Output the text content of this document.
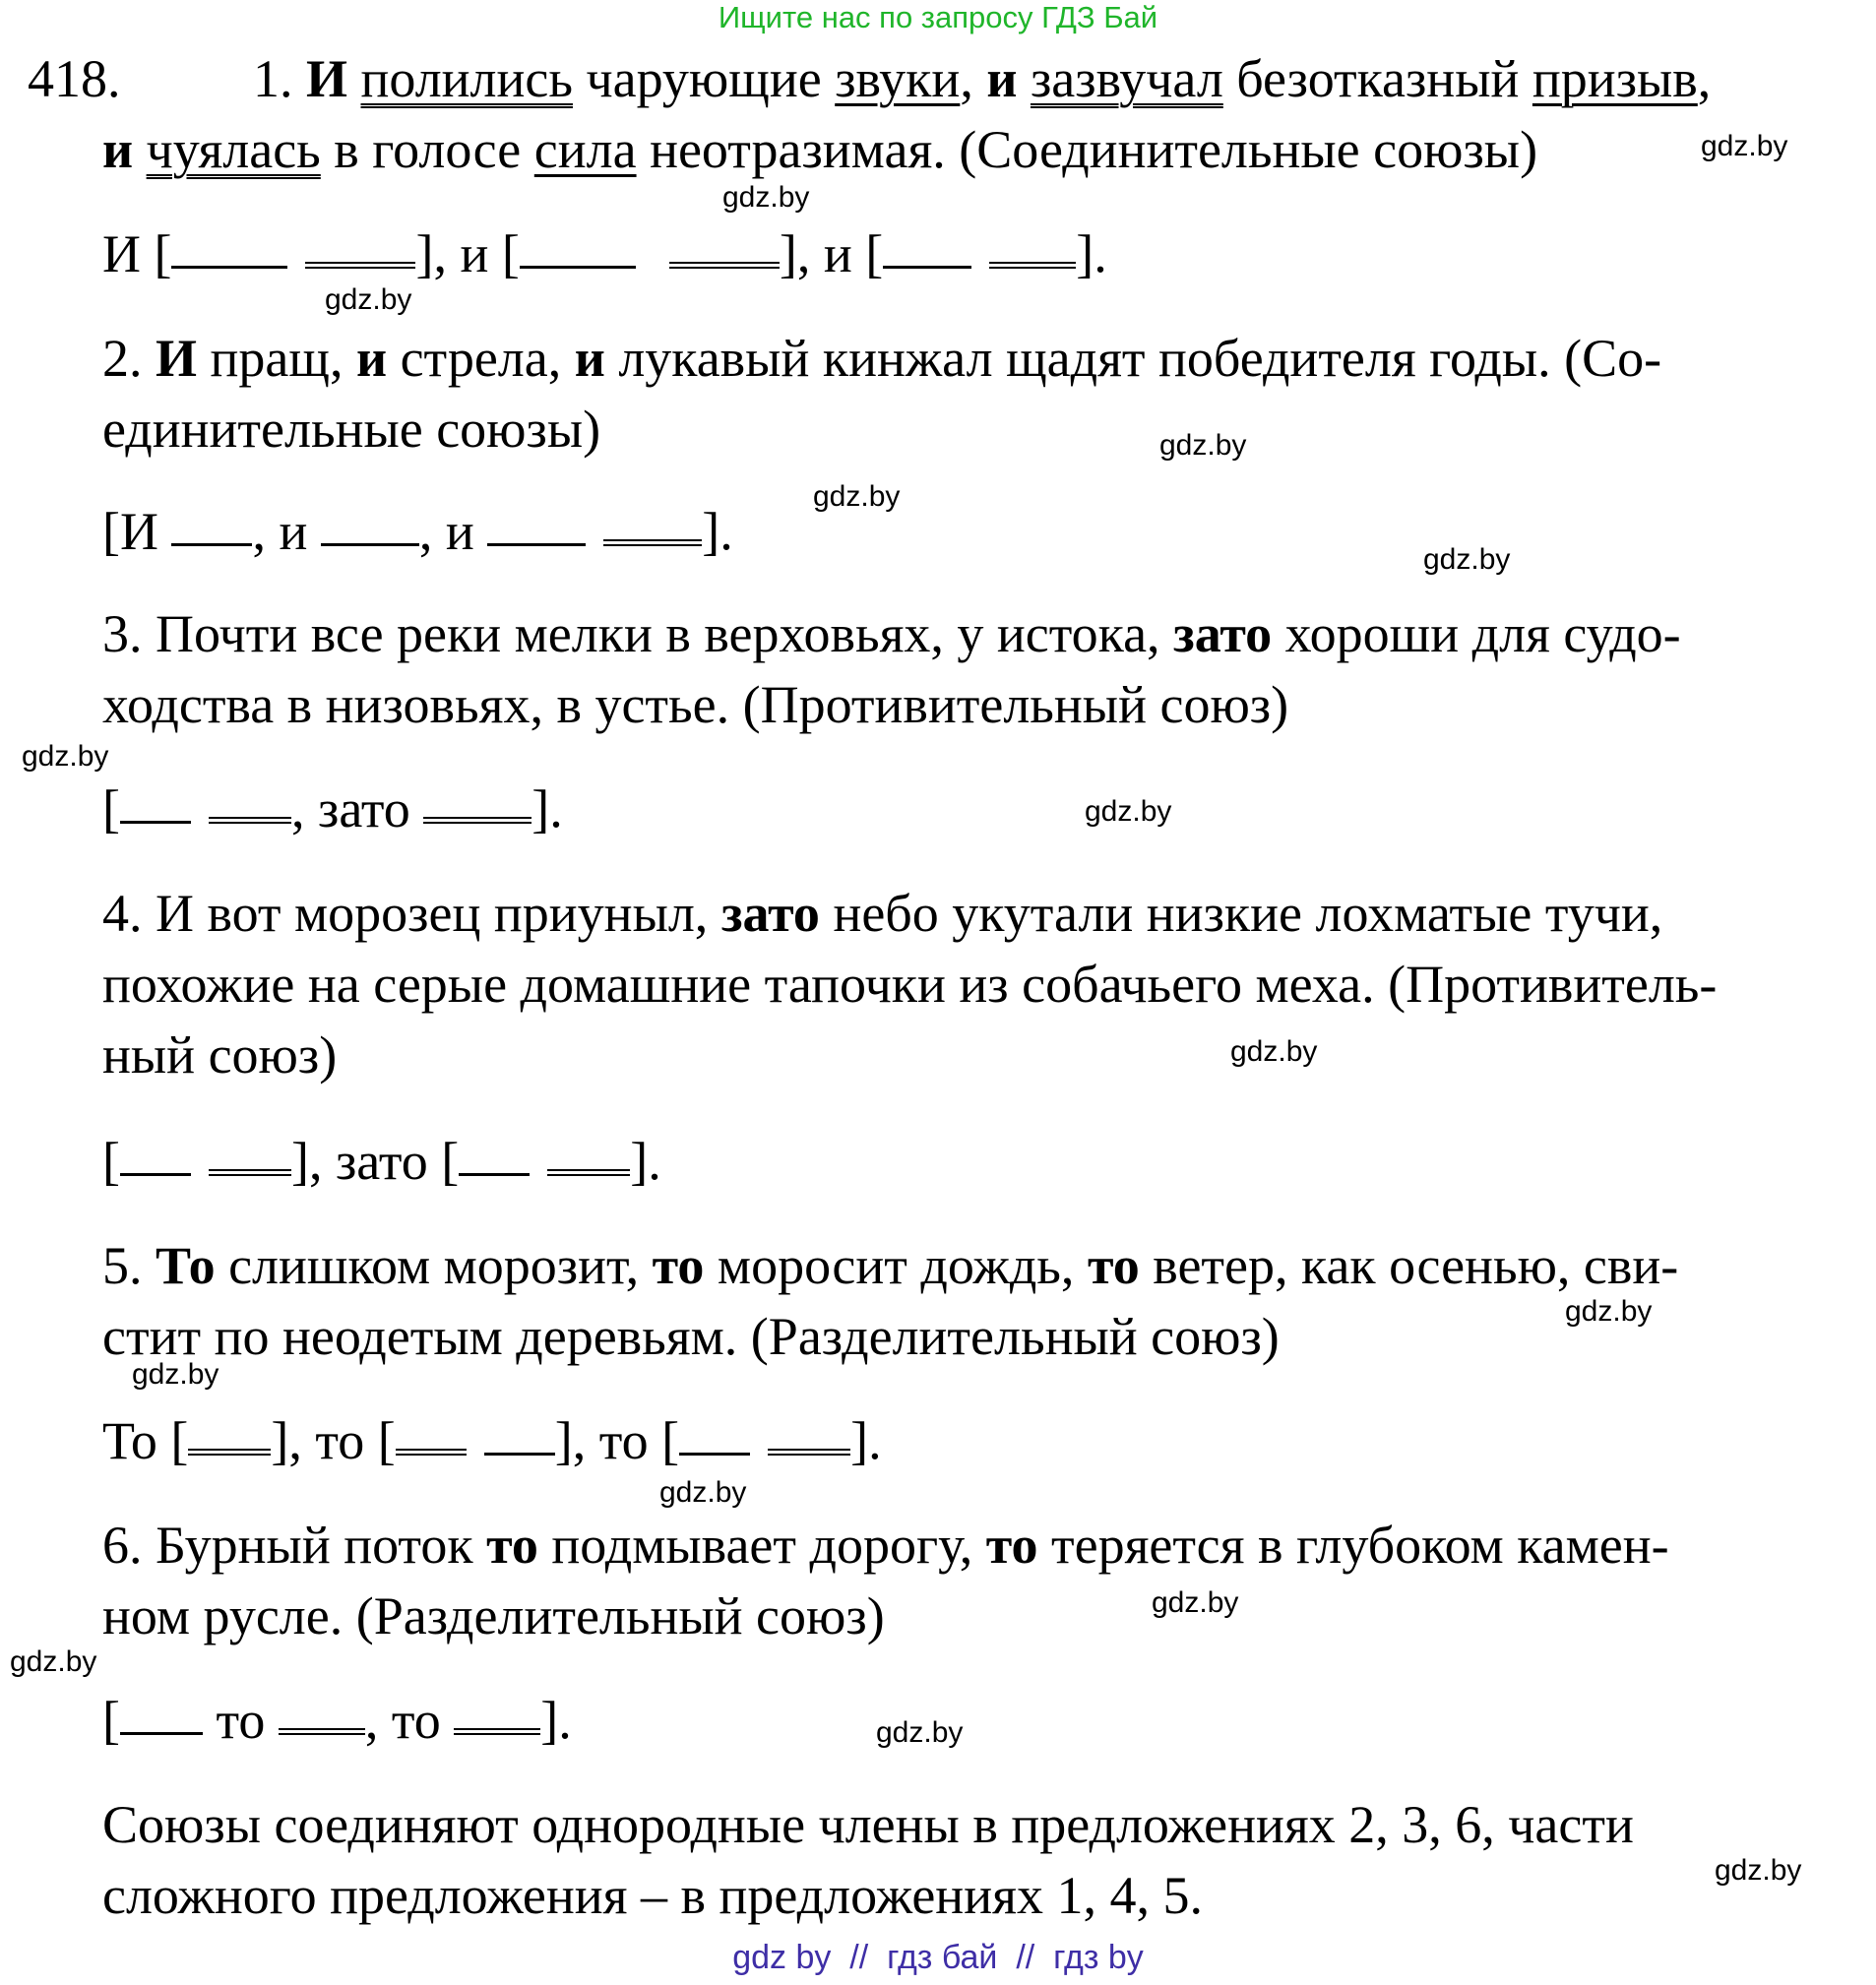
Ищите нас по запросу ГДЗ Бай
418. 1. И полились чарующие звуки, и зазвучал безотказный призыв,
и чуялась в голосе сила неотразимая. (Соединительные союзы)
И [	], и [	], и [	].
2. И пращ, и стрела, и лукавый кинжал щадят победителя годы. (Со-
единительные союзы)
[И , и , и	].
3. Почти все реки мелки в верховьях, у истока, зато хороши для судо-
ходства в низовьях, в устье. (Противительный союз)
[	, зато ].
4. И вот морозец приуныл, зато небо укутали низкие лохматые тучи,
похожие на серые домашние тапочки из собачьего меха. (Противитель-
ный союз)
[	], зато [	].
5. То слишком морозит, то моросит дождь, то ветер, как осенью, сви-
стит по неодетым деревьям. (Разделительный союз)
То [ ], то [	], то [	].
6. Бурный поток то подмывает дорогу, то теряется в глубоком камен-
ном русле. (Разделительный союз)
[ то , то ].
Союзы соединяют однородные члены в предложениях 2, 3, 6, части
сложного предложения – в предложениях 1, 4, 5.
gdz.by
gdz.by
gdz.by
gdz.by
gdz.by
gdz.by
gdz.by
gdz.by
gdz.by
gdz.by
gdz.by
gdz.by
gdz.by
gdz.by
gdz.by
gdz.by
gdz by  //  гдз бай  //  гдз by
